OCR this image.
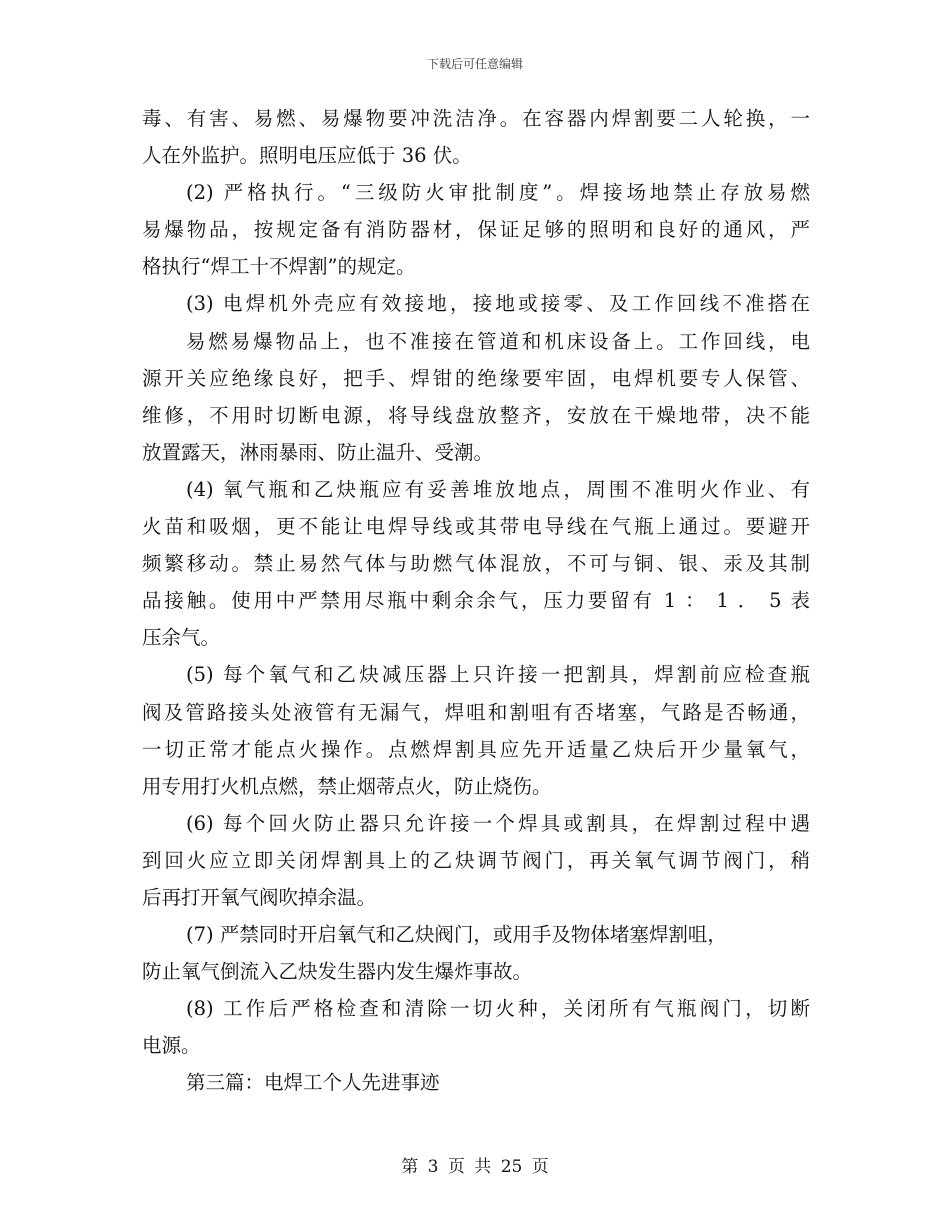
下载后可任意编辑
毒、有害、易燃、易爆物要冲洗洁净。在容器内焊割要二人轮换，一
人在外监护。照明电压应低于 36 伏。
(2) 严格执行。“三级防火审批制度”。焊接场地禁止存放易燃
易爆物品，按规定备有消防器材，保证足够的照明和良好的通风，严
格执行“焊工十不焊割”的规定。
(3) 电焊机外壳应有效接地，接地或接零、及工作回线不准搭在
易燃易爆物品上，也不准接在管道和机床设备上。工作回线，电
源开关应绝缘良好，把手、焊钳的绝缘要牢固，电焊机要专人保管、
维修，不用时切断电源，将导线盘放整齐，安放在干燥地带，决不能
放置露天，淋雨暴雨、防止温升、受潮。
(4) 氧气瓶和乙炔瓶应有妥善堆放地点，周围不准明火作业、有
火苗和吸烟，更不能让电焊导线或其带电导线在气瓶上通过。要避开
频繁移动。禁止易然气体与助燃气体混放，不可与铜、银、汞及其制
品接触。使用中严禁用尽瓶中剩余余气，压力要留有 1 ： 1 ． 5 表
压余气。
(5) 每个氧气和乙炔减压器上只许接一把割具，焊割前应检查瓶
阀及管路接头处液管有无漏气，焊咀和割咀有否堵塞，气路是否畅通，
一切正常才能点火操作。点燃焊割具应先开适量乙炔后开少量氧气，
用专用打火机点燃，禁止烟蒂点火，防止烧伤。
(6) 每个回火防止器只允许接一个焊具或割具，在焊割过程中遇
到回火应立即关闭焊割具上的乙炔调节阀门，再关氧气调节阀门，稍
后再打开氧气阀吹掉余温。
(7) 严禁同时开启氧气和乙炔阀门，或用手及物体堵塞焊割咀，
防止氧气倒流入乙炔发生器内发生爆炸事故。
(8) 工作后严格检查和清除一切火种，关闭所有气瓶阀门，切断
电源。
第三篇：电焊工个人先进事迹
第 3 页 共 25 页
